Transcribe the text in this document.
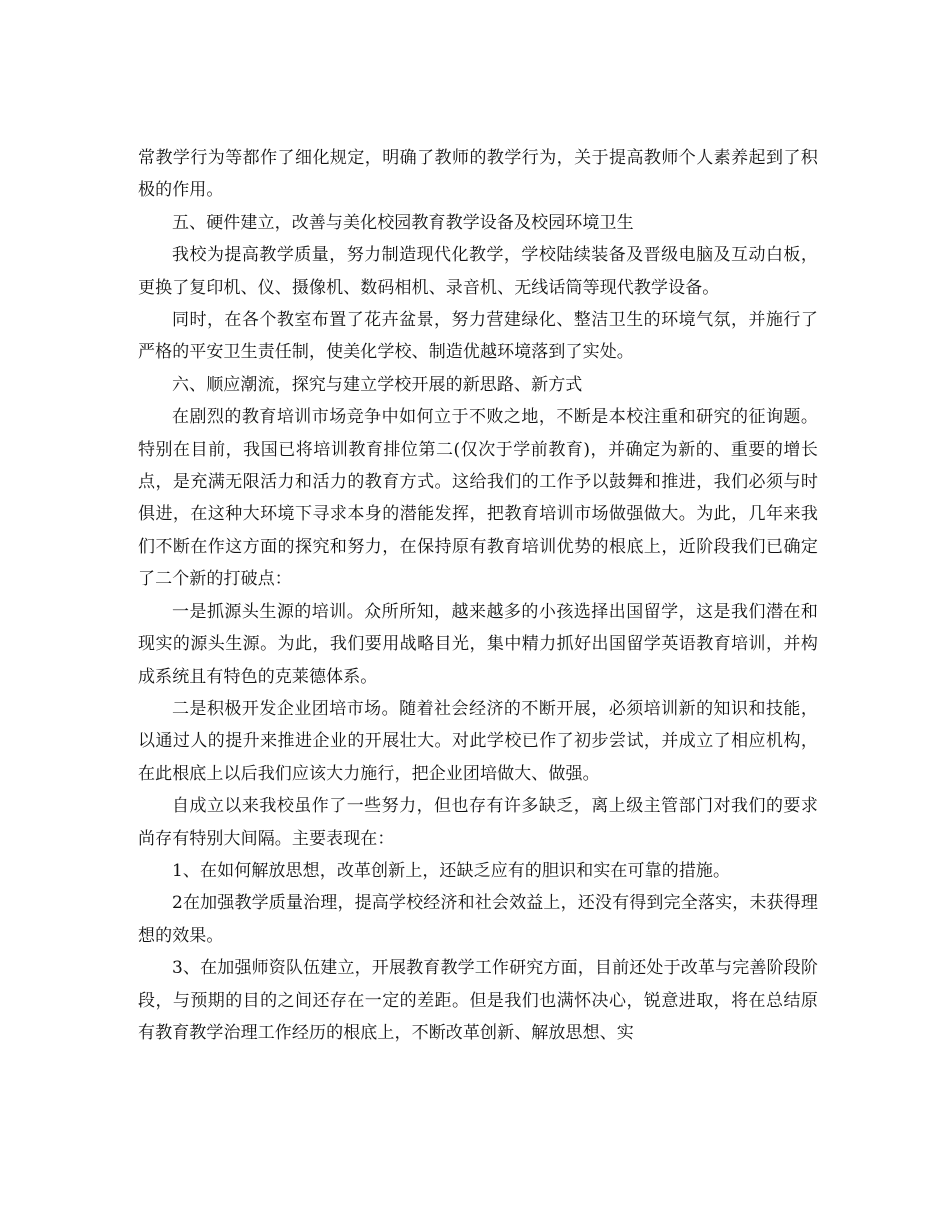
常教学行为等都作了细化规定，明确了教师的教学行为，关于提高教师个人素养起到了积极的作用。

五、硬件建立，改善与美化校园教育教学设备及校园环境卫生

我校为提高教学质量，努力制造现代化教学，学校陆续装备及晋级电脑及互动白板，更换了复印机、仪、摄像机、数码相机、录音机、无线话筒等现代教学设备。

同时，在各个教室布置了花卉盆景，努力营建绿化、整洁卫生的环境气氛，并施行了严格的平安卫生责任制，使美化学校、制造优越环境落到了实处。

六、顺应潮流，探究与建立学校开展的新思路、新方式

在剧烈的教育培训市场竞争中如何立于不败之地，不断是本校注重和研究的征询题。特别在目前，我国已将培训教育排位第二(仅次于学前教育)，并确定为新的、重要的增长点，是充满无限活力和活力的教育方式。这给我们的工作予以鼓舞和推进，我们必须与时俱进，在这种大环境下寻求本身的潜能发挥，把教育培训市场做强做大。为此，几年来我们不断在作这方面的探究和努力，在保持原有教育培训优势的根底上，近阶段我们已确定了二个新的打破点：

一是抓源头生源的培训。众所所知，越来越多的小孩选择出国留学，这是我们潜在和现实的源头生源。为此，我们要用战略目光，集中精力抓好出国留学英语教育培训，并构成系统且有特色的克莱德体系。

二是积极开发企业团培市场。随着社会经济的不断开展，必须培训新的知识和技能，以通过人的提升来推进企业的开展壮大。对此学校已作了初步尝试，并成立了相应机构，在此根底上以后我们应该大力施行，把企业团培做大、做强。

自成立以来我校虽作了一些努力，但也存有许多缺乏，离上级主管部门对我们的要求尚存有特别大间隔。主要表现在：

1、在如何解放思想，改革创新上，还缺乏应有的胆识和实在可靠的措施。

2在加强教学质量治理，提高学校经济和社会效益上，还没有得到完全落实，未获得理想的效果。

3、在加强师资队伍建立，开展教育教学工作研究方面，目前还处于改革与完善阶段阶段，与预期的目的之间还存在一定的差距。但是我们也满怀决心，锐意进取，将在总结原有教育教学治理工作经历的根底上，不断改革创新、解放思想、实
